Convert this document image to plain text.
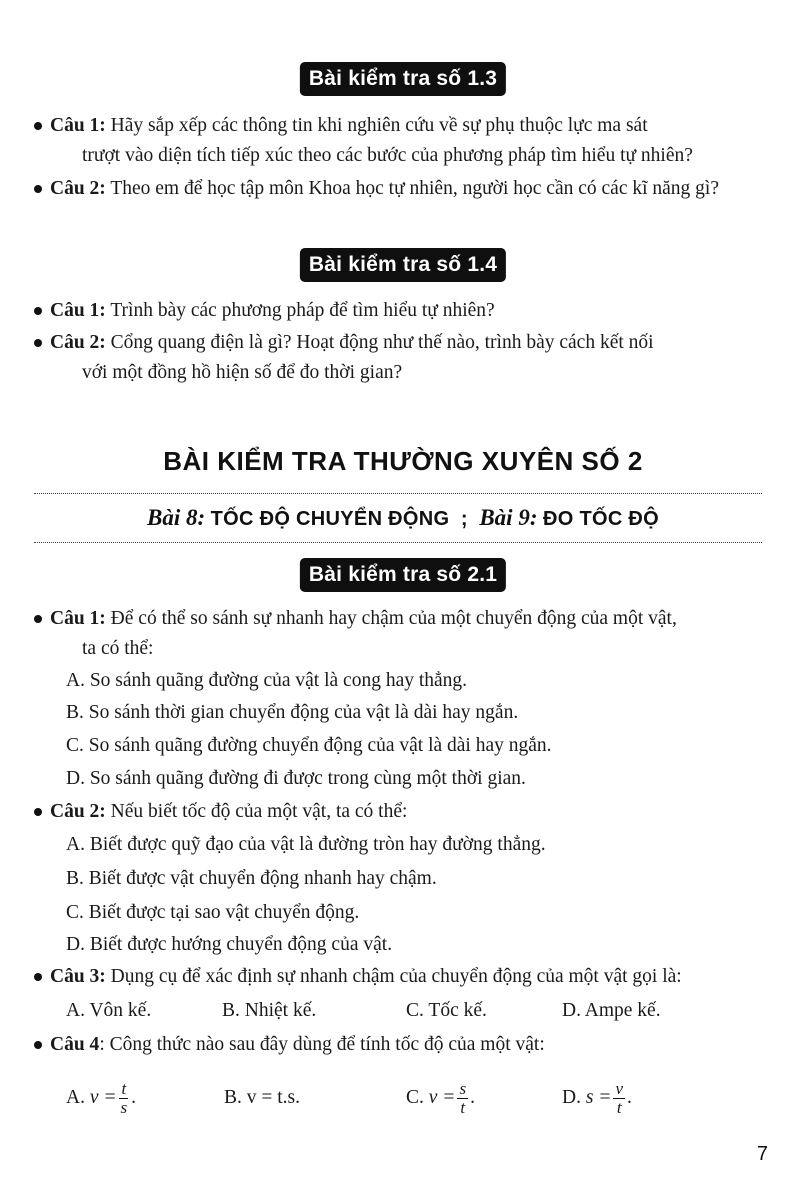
Bài kiểm tra số 1.3
Câu 1: Hãy sắp xếp các thông tin khi nghiên cứu về sự phụ thuộc lực ma sát
trượt vào diện tích tiếp xúc theo các bước của phương pháp tìm hiểu tự nhiên?
Câu 2: Theo em để học tập môn Khoa học tự nhiên, người học cần có các kĩ năng gì?
Bài kiểm tra số 1.4
Câu 1: Trình bày các phương pháp để tìm hiểu tự nhiên?
Câu 2: Cổng quang điện là gì? Hoạt động như thế nào, trình bày cách kết nối
với một đồng hồ hiện số để đo thời gian?
BÀI KIỂM TRA THƯỜNG XUYÊN SỐ 2
Bài 8: TỐC ĐỘ CHUYỂN ĐỘNG ; Bài 9: ĐO TỐC ĐỘ
Bài kiểm tra số 2.1
Câu 1: Để có thể so sánh sự nhanh hay chậm của một chuyển động của một vật,
ta có thể:
A. So sánh quãng đường của vật là cong hay thẳng.
B. So sánh thời gian chuyển động của vật là dài hay ngắn.
C. So sánh quãng đường chuyển động của vật là dài hay ngắn.
D. So sánh quãng đường đi được trong cùng một thời gian.
Câu 2: Nếu biết tốc độ của một vật, ta có thể:
A. Biết được quỹ đạo của vật là đường tròn hay đường thẳng.
B. Biết được vật chuyển động nhanh hay chậm.
C. Biết được tại sao vật chuyển động.
D. Biết được hướng chuyển động của vật.
Câu 3: Dụng cụ để xác định sự nhanh chậm của chuyển động của một vật gọi là:
A. Vôn kế.	B. Nhiệt kế.	C. Tốc kế.	D. Ampe kế.
Câu 4: Công thức nào sau đây dùng để tính tốc độ của một vật:
A.
$v = \frac{t}{s}$ .	B. v = t.s.	C.
$v = \frac{s}{t}$ .	D.
$s = \frac{v}{t}$ .
7
